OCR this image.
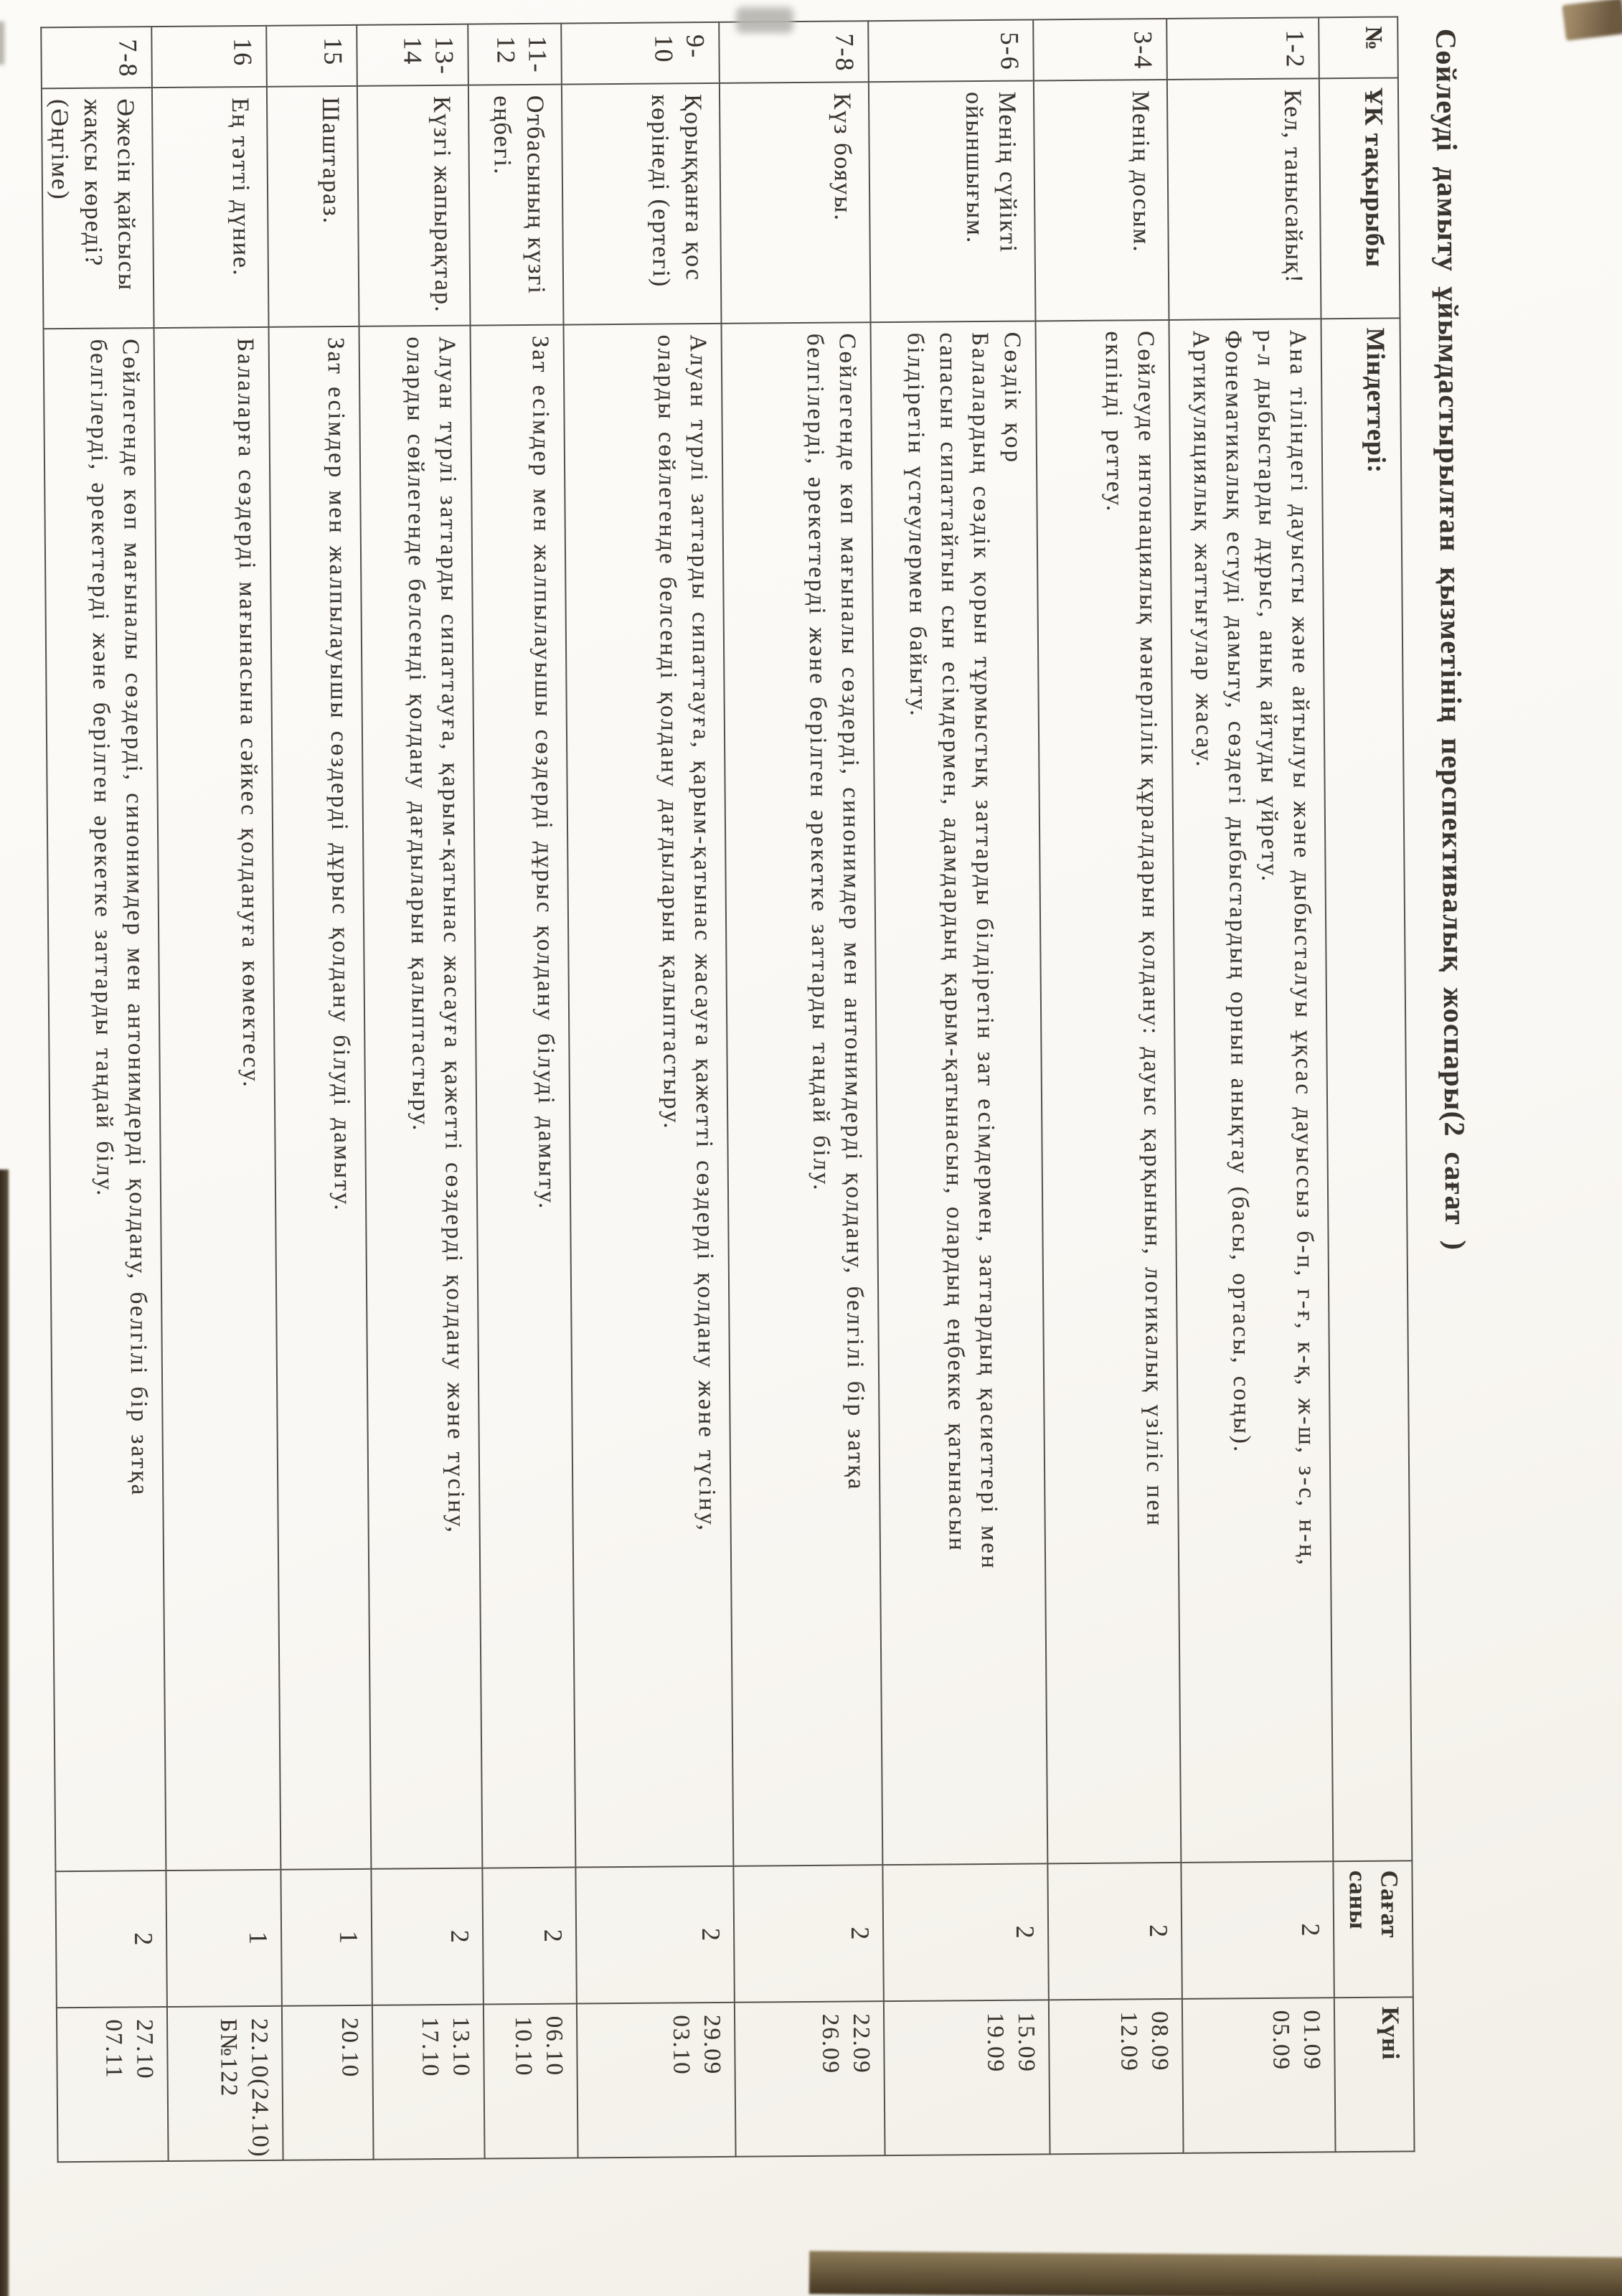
Сөйлеуді дамыту ұйымдастырылған қызметінің перспективалық жоспары(2 сағат )
№	ҰК тақырыбы	Міндеттері:	Сағат саны	Күні
1-2	Кел, танысайық!	Ана тіліндегі дауысты және айтылуы және дыбысталуы ұқсас дауыссыз б-п, г-ғ, к-қ, ж-ш, з-с, н-ң,
р-л дыбыстарды дұрыс, анық айтуды үйрету.
Фонематикалық естуді дамыту, сөздегі дыбыстардың орнын анықтау (басы, ортасы, соңы).
Артикуляциялық жаттығулар жасау.	2	01.09
05.09
3-4	Менің досым.	Сөйлеуде интонациялық мәнерлілік құралдарын қолдану: дауыс қарқынын, логикалық үзіліс пен
екпінді реттеу.	2	08.09
12.09
5-6	Менің сүйікті ойыншығым.	Сөздік қор
Балалардың сөздік қорын тұрмыстық заттарды білдіретін зат есімдермен, заттардың қасиеттері мен
сапасын сипаттайтын сын есімдермен, адамдардың қарым-қатынасын, олардың еңбекке қатынасын
білдіретін үстеулермен байыту.	2	15.09
19.09
7-8	Күз бояуы.	Сөйлегенде көп мағыналы сөздерді, синонимдер мен антонимдерді қолдану, белгілі бір затқа
белгілерді, әрекеттерді және берілген әрекетке заттарды таңдай білу.	2	22.09
26.09
9-10	Қорыққанға қос көрінеді (ертегі)	Алуан түрлі заттарды сипаттауға, қарым-қатынас жасауға қажетті сөздерді қолдану және түсіну,
оларды сөйлегенде белсенді қолдану дағдыларын қалыптастыру.	2	29.09
03.10
11-12	Отбасының күзгі еңбегі.	Зат есімдер мен жалпылауышы сөздерді дұрыс қолдану білуді дамыту.	2	06.10
10.10
13-14	Күзгі жапырақтар.	Алуан түрлі заттарды сипаттауға, қарым-қатынас жасауға қажетті сөздерді қолдану және түсіну,
оларды сөйлегенде белсенді қолдану дағдыларын қалыптастыру.	2	13.10
17.10
15	Шаштараз.	Зат есімдер мен жалпылауышы сөздерді дұрыс қолдану білуді дамыту.	1	20.10
16	Ең тәтті дүние.	Балаларға сөздерді мағынасына сәйкес қолдануға көмектесу.	1	22.10(24.10)
Б№122
7-8	Әжесін қайсысы жақсы көреді? (Әңгіме)	Сөйлегенде көп мағыналы сөздерді, синонимдер мен антонимдерді қолдану, белгілі бір затқа
белгілерді, әрекеттерді және берілген әрекетке заттарды таңдай білу.	2	27.10
07.11
